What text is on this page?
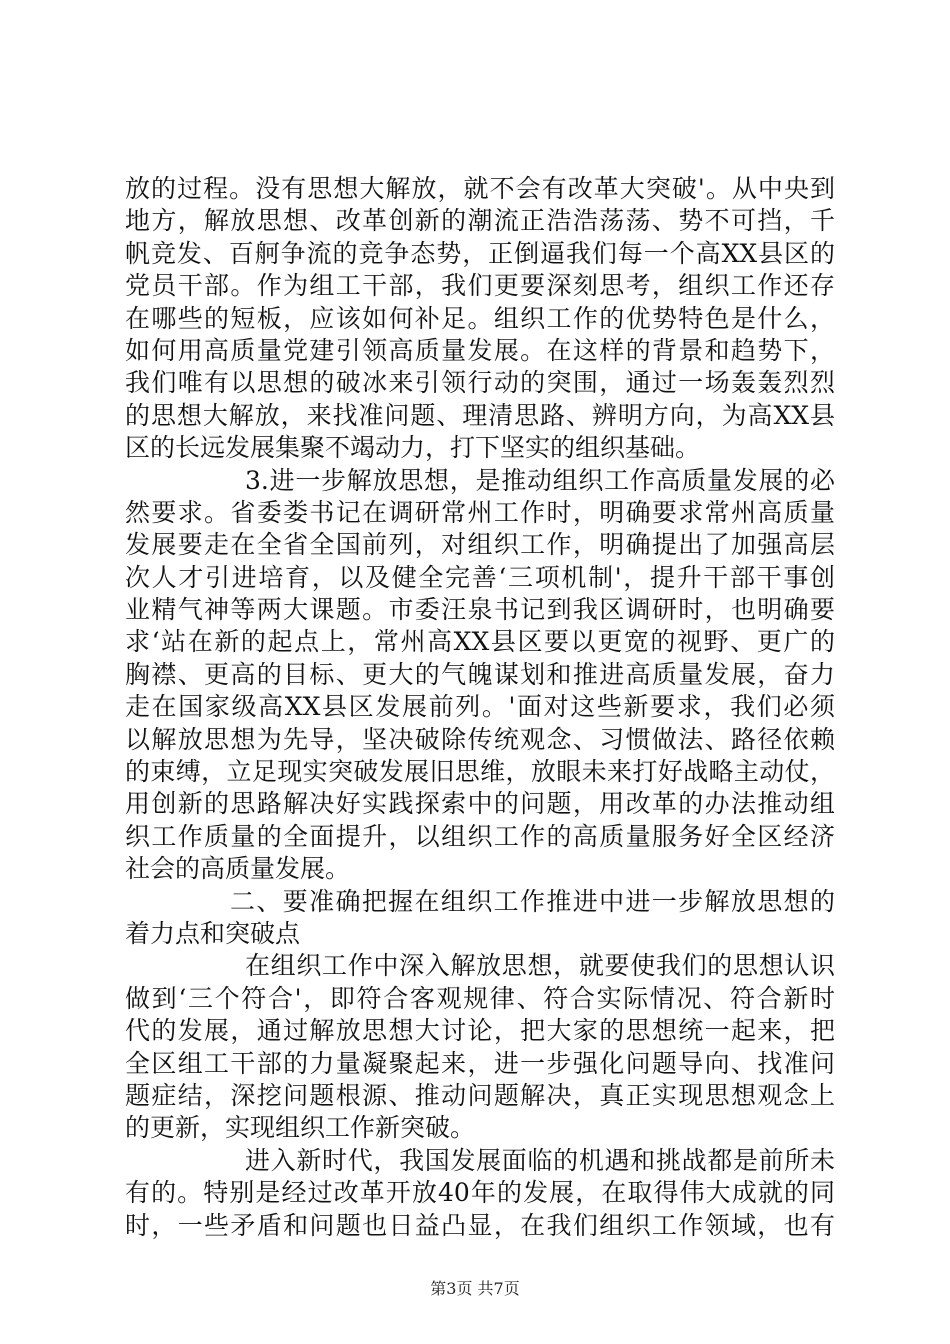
放的过程。没有思想大解放，就不会有改革大突破'。从中央到
地方，解放思想、改革创新的潮流正浩浩荡荡、势不可挡，千
帆竞发、百舸争流的竞争态势，正倒逼我们每一个高XX县区的
党员干部。作为组工干部，我们更要深刻思考，组织工作还存
在哪些的短板，应该如何补足。组织工作的优势特色是什么，
如何用高质量党建引领高质量发展。在这样的背景和趋势下，
我们唯有以思想的破冰来引领行动的突围，通过一场轰轰烈烈
的思想大解放，来找准问题、理清思路、辨明方向，为高XX县
区的长远发展集聚不竭动力，打下坚实的组织基础。
3.进一步解放思想，是推动组织工作高质量发展的必
然要求。省委娄书记在调研常州工作时，明确要求常州高质量
发展要走在全省全国前列，对组织工作，明确提出了加强高层
次人才引进培育，以及健全完善‘三项机制'，提升干部干事创
业精气神等两大课题。市委汪泉书记到我区调研时，也明确要
求‘站在新的起点上，常州高XX县区要以更宽的视野、更广的
胸襟、更高的目标、更大的气魄谋划和推进高质量发展，奋力
走在国家级高XX县区发展前列。'面对这些新要求，我们必须
以解放思想为先导，坚决破除传统观念、习惯做法、路径依赖
的束缚，立足现实突破发展旧思维，放眼未来打好战略主动仗，
用创新的思路解决好实践探索中的问题，用改革的办法推动组
织工作质量的全面提升，以组织工作的高质量服务好全区经济
社会的高质量发展。
二、要准确把握在组织工作推进中进一步解放思想的
着力点和突破点
在组织工作中深入解放思想，就要使我们的思想认识
做到‘三个符合'，即符合客观规律、符合实际情况、符合新时
代的发展，通过解放思想大讨论，把大家的思想统一起来，把
全区组工干部的力量凝聚起来，进一步强化问题导向、找准问
题症结，深挖问题根源、推动问题解决，真正实现思想观念上
的更新，实现组织工作新突破。
进入新时代，我国发展面临的机遇和挑战都是前所未
有的。特别是经过改革开放40年的发展，在取得伟大成就的同
时，一些矛盾和问题也日益凸显，在我们组织工作领域，也有
第3页 共7页
